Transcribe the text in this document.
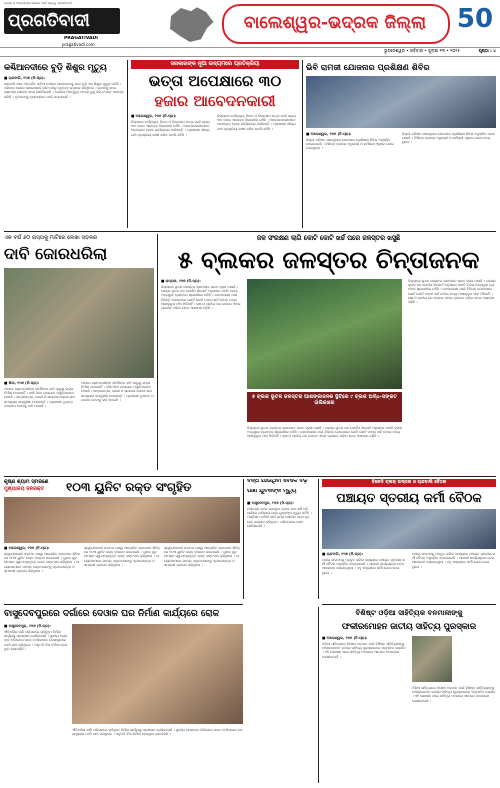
ଜାତୀୟ ଓ ଅନ୍ତର୍ଜାତୀୟ ସମ୍ବାଦ ପାଇଁ ପଢ଼ନ୍ତୁ ପ୍ରଗତିବାଦୀ
ପ୍ରଗତିବାଦୀ
PRAGATIVADI
pragativadi.com
ବାଲେଶ୍ୱର-ଭଦ୍ରକ ଜିଲ୍ଲା	50
ଭୁବନେଶ୍ୱର • ରବିବାର • ଜୁଲାଇ ୧୩ • ୨୦୨୫	ପୃଷ୍ଠା : ୪
କଣ୍ଢିଆନଦୀରେ ବୁଡ଼ି ଶିଶୁର ମୃତ୍ୟୁ
■ ଚାନ୍ଦବାଲି, ୧୨ା୭ (ନି.ପ୍ର):
ଚାନ୍ଦବାଲି ଥାନା ଅନ୍ତର୍ଗତ କଣ୍ଢିଆ ନଦୀରେ ଗାଧୋଇବାକୁ ଯାଇ ବୁଡ଼ି ଏକ ଶିଶୁର ମୃତ୍ୟୁ ଘଟିଛି । ପରିବାର ଲୋକେ ଖୋଜାଖୋଜି କରି ନଦୀରୁ ମୃତଦେହ ଉଦ୍ଧାର କରିଥିଲେ । ଘଟଣାକୁ ନେଇ ଗ୍ରାମରେ ଶୋକର ଛାୟା ଖେଳିଯାଇଛି । ପୋଲିସ ଅପମୃତ୍ୟୁ ମାମଲା ରୁଜୁ କରି ତଦନ୍ତ ଆରମ୍ଭ କରିଛି । ମୃତଦେହକୁ ବ୍ୟବଚ୍ଛେଦ ପାଇଁ ପଠାଯାଇଛି ।
ସରକାରଙ୍କ ନୂଆ ଉଦ୍ୟମରେ ପ୍ରତିକ୍ରିୟା
ଭତ୍ତା ଅପେକ୍ଷାରେ ୩୦
ହଜାର ଆବେଦନକାରୀ
■ ବାଲେଶ୍ୱର, ୧୨ା୭ (ନି.ପ୍ର):
ଜିଲ୍ଲାରେ ବାର୍ଦ୍ଧକ୍ୟ, ବିଧବା ଓ ଭିନ୍ନକ୍ଷମ ଭତ୍ତା ପାଇଁ ପ୍ରାୟ ୩୦ ହଜାର ଆବେଦନ ବିଚାରାଧୀନ ରହିଛି । ଆବେଦନକାରୀମାନେ ବାରମ୍ବାର ବ୍ଲକ କାର୍ଯ୍ୟାଳୟ ଧାଉଁଛନ୍ତି । ପ୍ରଶାସନ ଶୀଘ୍ର ଯାଞ୍ଚ ପ୍ରକ୍ରିୟା ଶେଷ କରିବ ବୋଲି କହିଛି ।
ଜିଲ୍ଲାରେ ବାର୍ଦ୍ଧକ୍ୟ, ବିଧବା ଓ ଭିନ୍ନକ୍ଷମ ଭତ୍ତା ପାଇଁ ପ୍ରାୟ ୩୦ ହଜାର ଆବେଦନ ବିଚାରାଧୀନ ରହିଛି । ଆବେଦନକାରୀମାନେ ବାରମ୍ବାର ବ୍ଲକ କାର୍ଯ୍ୟାଳୟ ଧାଉଁଛନ୍ତି । ପ୍ରଶାସନ ଶୀଘ୍ର ଯାଞ୍ଚ ପ୍ରକ୍ରିୟା ଶେଷ କରିବ ବୋଲି କହିଛି ।
ଭିବି ରାମଜୀ ଯୋଜନାର ପ୍ରଶିକ୍ଷଣ ଶିବିର
■ ବାଲେଶ୍ୱର, ୧୨ା୭ (ନି.ପ୍ର):
ଜିଲ୍ଲା ପରିଷଦ ସଭାଗୃହରେ ଯୋଜନାର ପ୍ରଶିକ୍ଷଣ ଶିବିର ଅନୁଷ୍ଠିତ ହୋଇଯାଇଛି । ବିଭିନ୍ନ ବ୍ଲକର ଅଧିକାରୀ ଓ କର୍ମଚାରୀ ଏଥିରେ ଯୋଗ ଦେଇଥିଲେ ।
ଜିଲ୍ଲା ପରିଷଦ ସଭାଗୃହରେ ଯୋଜନାର ପ୍ରଶିକ୍ଷଣ ଶିବିର ଅନୁଷ୍ଠିତ ହୋଇଯାଇଛି । ବିଭିନ୍ନ ବ୍ଲକର ଅଧିକାରୀ ଓ କର୍ମଚାରୀ ଏଥିରେ ଯୋଗ ଦେଇଥିଲେ ।
ଏକ ବର୍ଷ ୬୦ ରାସ୍ତାକୁ ମାଟିରେ ଲେଖା ସଡ଼କର
ଦାବି ଜୋରଧରିଲା
■ ଶିଜା, ୧୨ା୭ (ନି.ପ୍ର):
ଅଞ୍ଚଳର ଗ୍ରାମବାସୀଙ୍କ ଦୀର୍ଘଦିନର ଦାବି ସତ୍ତ୍ୱେ ରାସ୍ତା ନିର୍ମାଣ ହୋଇନାହିଁ । ବର୍ଷା ଦିନେ ଯାତାୟାତ ଅସୁବିଧାଜନକ ହେଉଛି । ଛାତ୍ରଛାତ୍ରୀ, ରୋଗୀ ଓ ସାଧାରଣ ଲୋକେ ନାନା ସମସ୍ୟାର ସମ୍ମୁଖୀନ ହେଉଛନ୍ତି । ପ୍ରଶାସନ ତୁରନ୍ତ ପଦକ୍ଷେପ ନେବାକୁ ଦାବି ହୋଇଛି ।
ଅଞ୍ଚଳର ଗ୍ରାମବାସୀଙ୍କ ଦୀର୍ଘଦିନର ଦାବି ସତ୍ତ୍ୱେ ରାସ୍ତା ନିର୍ମାଣ ହୋଇନାହିଁ । ବର୍ଷା ଦିନେ ଯାତାୟାତ ଅସୁବିଧାଜନକ ହେଉଛି । ଛାତ୍ରଛାତ୍ରୀ, ରୋଗୀ ଓ ସାଧାରଣ ଲୋକେ ନାନା ସମସ୍ୟାର ସମ୍ମୁଖୀନ ହେଉଛନ୍ତି । ପ୍ରଶାସନ ତୁରନ୍ତ ପଦକ୍ଷେପ ନେବାକୁ ଦାବି ହୋଇଛି ।
ଜଳ ସଂରକ୍ଷଣ ଲାଗି କୋଟି କୋଟି ଖର୍ଚ୍ଚ ପରେ ଜଳସ୍ତର ଖସୁଛି
୫ ବ୍ଲକର ଜଳସ୍ତର ଚିନ୍ତାଜନକ
■ ଭଦ୍ରକ, ୧୨ା୭ (ନି.ପ୍ର):
ଜିଲ୍ଲାରେ ଭୂତଳ ଜଳସ୍ତର କ୍ରମାଗତ ଭାବେ ହ୍ରାସ ପାଉଛି । କେନ୍ଦ୍ର ଭୂତଳ ଜଳ ବୋର୍ଡର ରିପୋର୍ଟ ଅନୁସାରେ ପାଞ୍ଚଟି ବ୍ଲକ ଅତ୍ୟଧିକ ବ୍ୟବହାର ଶ୍ରେଣୀରେ ରହିଛି । ଜଳସଂରକ୍ଷଣ ପାଇଁ ବିଭିନ୍ନ ଯୋଜନାରେ କୋଟି କୋଟି ଟଙ୍କା ଖର୍ଚ୍ଚ ହେଲେ ମଧ୍ୟ ଆଶାନୁରୂପ ଫଳ ମିଳିନାହିଁ । ଚାଷ ଓ ପାନୀୟ ଜଳ ଉପରେ ଏହାର ପ୍ରଭାବ ପଡ଼ିବା ନେଇ ଆଶଙ୍କା ବଢ଼ିଛି ।
ଜିଲ୍ଲାରେ ଭୂତଳ ଜଳସ୍ତର କ୍ରମାଗତ ଭାବେ ହ୍ରାସ ପାଉଛି । କେନ୍ଦ୍ର ଭୂତଳ ଜଳ ବୋର୍ଡର ରିପୋର୍ଟ ଅନୁସାରେ ପାଞ୍ଚଟି ବ୍ଲକ ଅତ୍ୟଧିକ ବ୍ୟବହାର ଶ୍ରେଣୀରେ ରହିଛି । ଜଳସଂରକ୍ଷଣ ପାଇଁ ବିଭିନ୍ନ ଯୋଜନାରେ କୋଟି କୋଟି ଟଙ୍କା ଖର୍ଚ୍ଚ ହେଲେ ମଧ୍ୟ ଆଶାନୁରୂପ ଫଳ ମିଳିନାହିଁ । ଚାଷ ଓ ପାନୀୟ ଜଳ ଉପରେ ଏହାର ପ୍ରଭାବ ପଡ଼ିବା ନେଇ ଆଶଙ୍କା ବଢ଼ିଛି ।
୫ ବ୍ଲକ ଭୂତଳ ଜଳସ୍ତର ଆଶଙ୍କାଜନକ ସ୍ଥିତିରେ ୯ ବ୍ଲକ ଅର୍ଦ୍ଧ-ସଙ୍କଟ ତାଲିକାରେ
ଜିଲ୍ଲାରେ ଭୂତଳ ଜଳସ୍ତର କ୍ରମାଗତ ଭାବେ ହ୍ରାସ ପାଉଛି । କେନ୍ଦ୍ର ଭୂତଳ ଜଳ ବୋର୍ଡର ରିପୋର୍ଟ ଅନୁସାରେ ପାଞ୍ଚଟି ବ୍ଲକ ଅତ୍ୟଧିକ ବ୍ୟବହାର ଶ୍ରେଣୀରେ ରହିଛି । ଜଳସଂରକ୍ଷଣ ପାଇଁ ବିଭିନ୍ନ ଯୋଜନାରେ କୋଟି କୋଟି ଟଙ୍କା ଖର୍ଚ୍ଚ ହେଲେ ମଧ୍ୟ ଆଶାନୁରୂପ ଫଳ ମିଳିନାହିଁ । ଚାଷ ଓ ପାନୀୟ ଜଳ ଉପରେ ଏହାର ପ୍ରଭାବ ପଡ଼ିବା ନେଇ ଆଶଙ୍କା ବଢ଼ିଛି ।
କୃଷ୍ଣ ଶ୍ୟାମ ସ୍ମରଣେ
ମୁଖ୍ୟାଳୟ ଜନରକ୍ତ	୧୦୩ ୟୁନିଟ ରକ୍ତ ସଂଗୃହିତ
■ ବାଲେଶ୍ୱର, ୧୨ା୭ (ନି.ପ୍ର):
ସ୍ୱେଚ୍ଛାସେବୀ ସଂଗଠନ ପକ୍ଷରୁ ଆୟୋଜିତ ରକ୍ତଦାନ ଶିବିରରେ ୧୦୩ ୟୁନିଟ ରକ୍ତ ସଂଗ୍ରହ କରାଯାଇଛି । ଯୁବକ ଯୁବତୀମାନେ ସ୍ୱତଃପ୍ରବୃତ୍ତ ଭାବେ ରକ୍ତଦାନ କରିଥିଲେ । ଆୟୋଜକମାନେ ସମସ୍ତ ରକ୍ତଦାତାଙ୍କୁ ପ୍ରମାଣପତ୍ର ଓ ସ୍ମାରକୀ ପ୍ରଦାନ କରିଥିଲେ ।
ସ୍ୱେଚ୍ଛାସେବୀ ସଂଗଠନ ପକ୍ଷରୁ ଆୟୋଜିତ ରକ୍ତଦାନ ଶିବିରରେ ୧୦୩ ୟୁନିଟ ରକ୍ତ ସଂଗ୍ରହ କରାଯାଇଛି । ଯୁବକ ଯୁବତୀମାନେ ସ୍ୱତଃପ୍ରବୃତ୍ତ ଭାବେ ରକ୍ତଦାନ କରିଥିଲେ । ଆୟୋଜକମାନେ ସମସ୍ତ ରକ୍ତଦାତାଙ୍କୁ ପ୍ରମାଣପତ୍ର ଓ ସ୍ମାରକୀ ପ୍ରଦାନ କରିଥିଲେ ।
ସ୍ୱେଚ୍ଛାସେବୀ ସଂଗଠନ ପକ୍ଷରୁ ଆୟୋଜିତ ରକ୍ତଦାନ ଶିବିରରେ ୧୦୩ ୟୁନିଟ ରକ୍ତ ସଂଗ୍ରହ କରାଯାଇଛି । ଯୁବକ ଯୁବତୀମାନେ ସ୍ୱତଃପ୍ରବୃତ୍ତ ଭାବେ ରକ୍ତଦାନ କରିଥିଲେ । ଆୟୋଜକମାନେ ସମସ୍ତ ରକ୍ତଦାତାଙ୍କୁ ପ୍ରମାଣପତ୍ର ଓ ସ୍ମାରକୀ ପ୍ରଦାନ କରିଥିଲେ ।
ବନ୍ଧ ଯାଉଥିବା ବେଳେ ବଢ଼ି
ପାଣି ଯୁବକଙ୍କ ମୃତ୍ୟୁ
■ ବାସୁଦେବପୁର, ୧୨ା୭ (ନି.ପ୍ର):
ନଦୀବନ୍ଧ ଦେଇ ଯାଉଥିବା ବେଳେ ପାଦ ଖସି ବଢ଼ି ପାଣିରେ ଭାସିଯାଇ ଜଣେ ଯୁବକଙ୍କ ମୃତ୍ୟୁ ଘଟିଛି । ଅଗ୍ନିଶମ ବାହିନୀ ଦୀର୍ଘ ସମୟ ଖୋଜିବା ପରେ ମୃତଦେହ ଉଦ୍ଧାର କରିଥିଲା । ପରିବାରରେ କୋହ ଖେଳିଯାଇଛି ।
ବିଜେଡି ବ୍ଲକ୍ ଭଦ୍ରକ ଓ ଚାନ୍ଦବାଲି ବୈଠକ
ପଞ୍ଚାୟତ ସ୍ତରୀୟ କର୍ମୀ ବୈଠକ
■ ଚାନ୍ଦବାଲି, ୧୨ା୭ (ନି.ପ୍ର):
ଦଳୀୟ ସଂଗଠନକୁ ମଜବୁତ କରିବା ଲକ୍ଷ୍ୟରେ ପଞ୍ଚାୟତ ସ୍ତରୀୟ କର୍ମୀ ବୈଠକ ଅନୁଷ୍ଠିତ ହୋଇଯାଇଛି । ଆଗାମୀ କାର୍ଯ୍ୟକ୍ରମ ନେଇ ଆଲୋଚନା କରାଯାଇଥିଲା । ବହୁ ସଂଖ୍ୟାରେ କର୍ମୀ ଯୋଗ ଦେଇଥିଲେ ।
ଦଳୀୟ ସଂଗଠନକୁ ମଜବୁତ କରିବା ଲକ୍ଷ୍ୟରେ ପଞ୍ଚାୟତ ସ୍ତରୀୟ କର୍ମୀ ବୈଠକ ଅନୁଷ୍ଠିତ ହୋଇଯାଇଛି । ଆଗାମୀ କାର୍ଯ୍ୟକ୍ରମ ନେଇ ଆଲୋଚନା କରାଯାଇଥିଲା । ବହୁ ସଂଖ୍ୟାରେ କର୍ମୀ ଯୋଗ ଦେଇଥିଲେ ।
ବାସୁଦେବପୁରରେ ଦର୍ଗାରେ ଦେଓାଳ ଘର ନିର୍ମାଣ କାର୍ଯ୍ୟରେ ରୋକ
■ ବାସୁଦେବପୁର, ୧୨ା୭ (ନି.ପ୍ର):
ଐତିହାସିକ ଦର୍ଗା ପରିସରରେ ଚାଲିଥିବା ନିର୍ମାଣ କାର୍ଯ୍ୟକୁ ପ୍ରଶାସନ ରୋକିଦେଇଛି । ସ୍ଥାନୀୟ ଲୋକଙ୍କ ଅଭିଯୋଗ ପରେ ତହସିଲଦାର ଘଟଣାସ୍ଥଳରେ ପହଞ୍ଚି ଯାଞ୍ଚ କରିଥିଲେ । ଅନୁମତି ବିନା ନିର୍ମାଣ ହେଉଥିବା ଜଣାପଡ଼ିଛି ।
ଐତିହାସିକ ଦର୍ଗା ପରିସରରେ ଚାଲିଥିବା ନିର୍ମାଣ କାର୍ଯ୍ୟକୁ ପ୍ରଶାସନ ରୋକିଦେଇଛି । ସ୍ଥାନୀୟ ଲୋକଙ୍କ ଅଭିଯୋଗ ପରେ ତହସିଲଦାର ଘଟଣାସ୍ଥଳରେ ପହଞ୍ଚି ଯାଞ୍ଚ କରିଥିଲେ । ଅନୁମତି ବିନା ନିର୍ମାଣ ହେଉଥିବା ଜଣାପଡ଼ିଛି ।
ବିଶିଷ୍ଟ ଓଡ଼ିଆ ସାହିତ୍ୟିକ ବନମାଳୀଙ୍କୁ
ଫକୀରମୋହନ ଜାତୀୟ ସାହିତ୍ୟ ପୁରସ୍କାର
■ ବାଲେଶ୍ୱର, ୧୨ା୭ (ନି.ପ୍ର):
ଓଡ଼ିଆ ସାହିତ୍ୟରେ ବିଶେଷ ଅବଦାନ ପାଇଁ ବିଶିଷ୍ଟ ସାହିତ୍ୟିକଙ୍କୁ ଫକୀରମୋହନ ଜାତୀୟ ସାହିତ୍ୟ ପୁରସ୍କାରରେ ସମ୍ମାନିତ କରାଯିବ । ଏହି ଘୋଷଣା ପରେ ସାହିତ୍ୟ ମହଲରେ ଆନନ୍ଦର ବାତାବରଣ ଦେଖାଦେଇଛି ।
ଓଡ଼ିଆ ସାହିତ୍ୟରେ ବିଶେଷ ଅବଦାନ ପାଇଁ ବିଶିଷ୍ଟ ସାହିତ୍ୟିକଙ୍କୁ ଫକୀରମୋହନ ଜାତୀୟ ସାହିତ୍ୟ ପୁରସ୍କାରରେ ସମ୍ମାନିତ କରାଯିବ । ଏହି ଘୋଷଣା ପରେ ସାହିତ୍ୟ ମହଲରେ ଆନନ୍ଦର ବାତାବରଣ ଦେଖାଦେଇଛି ।
